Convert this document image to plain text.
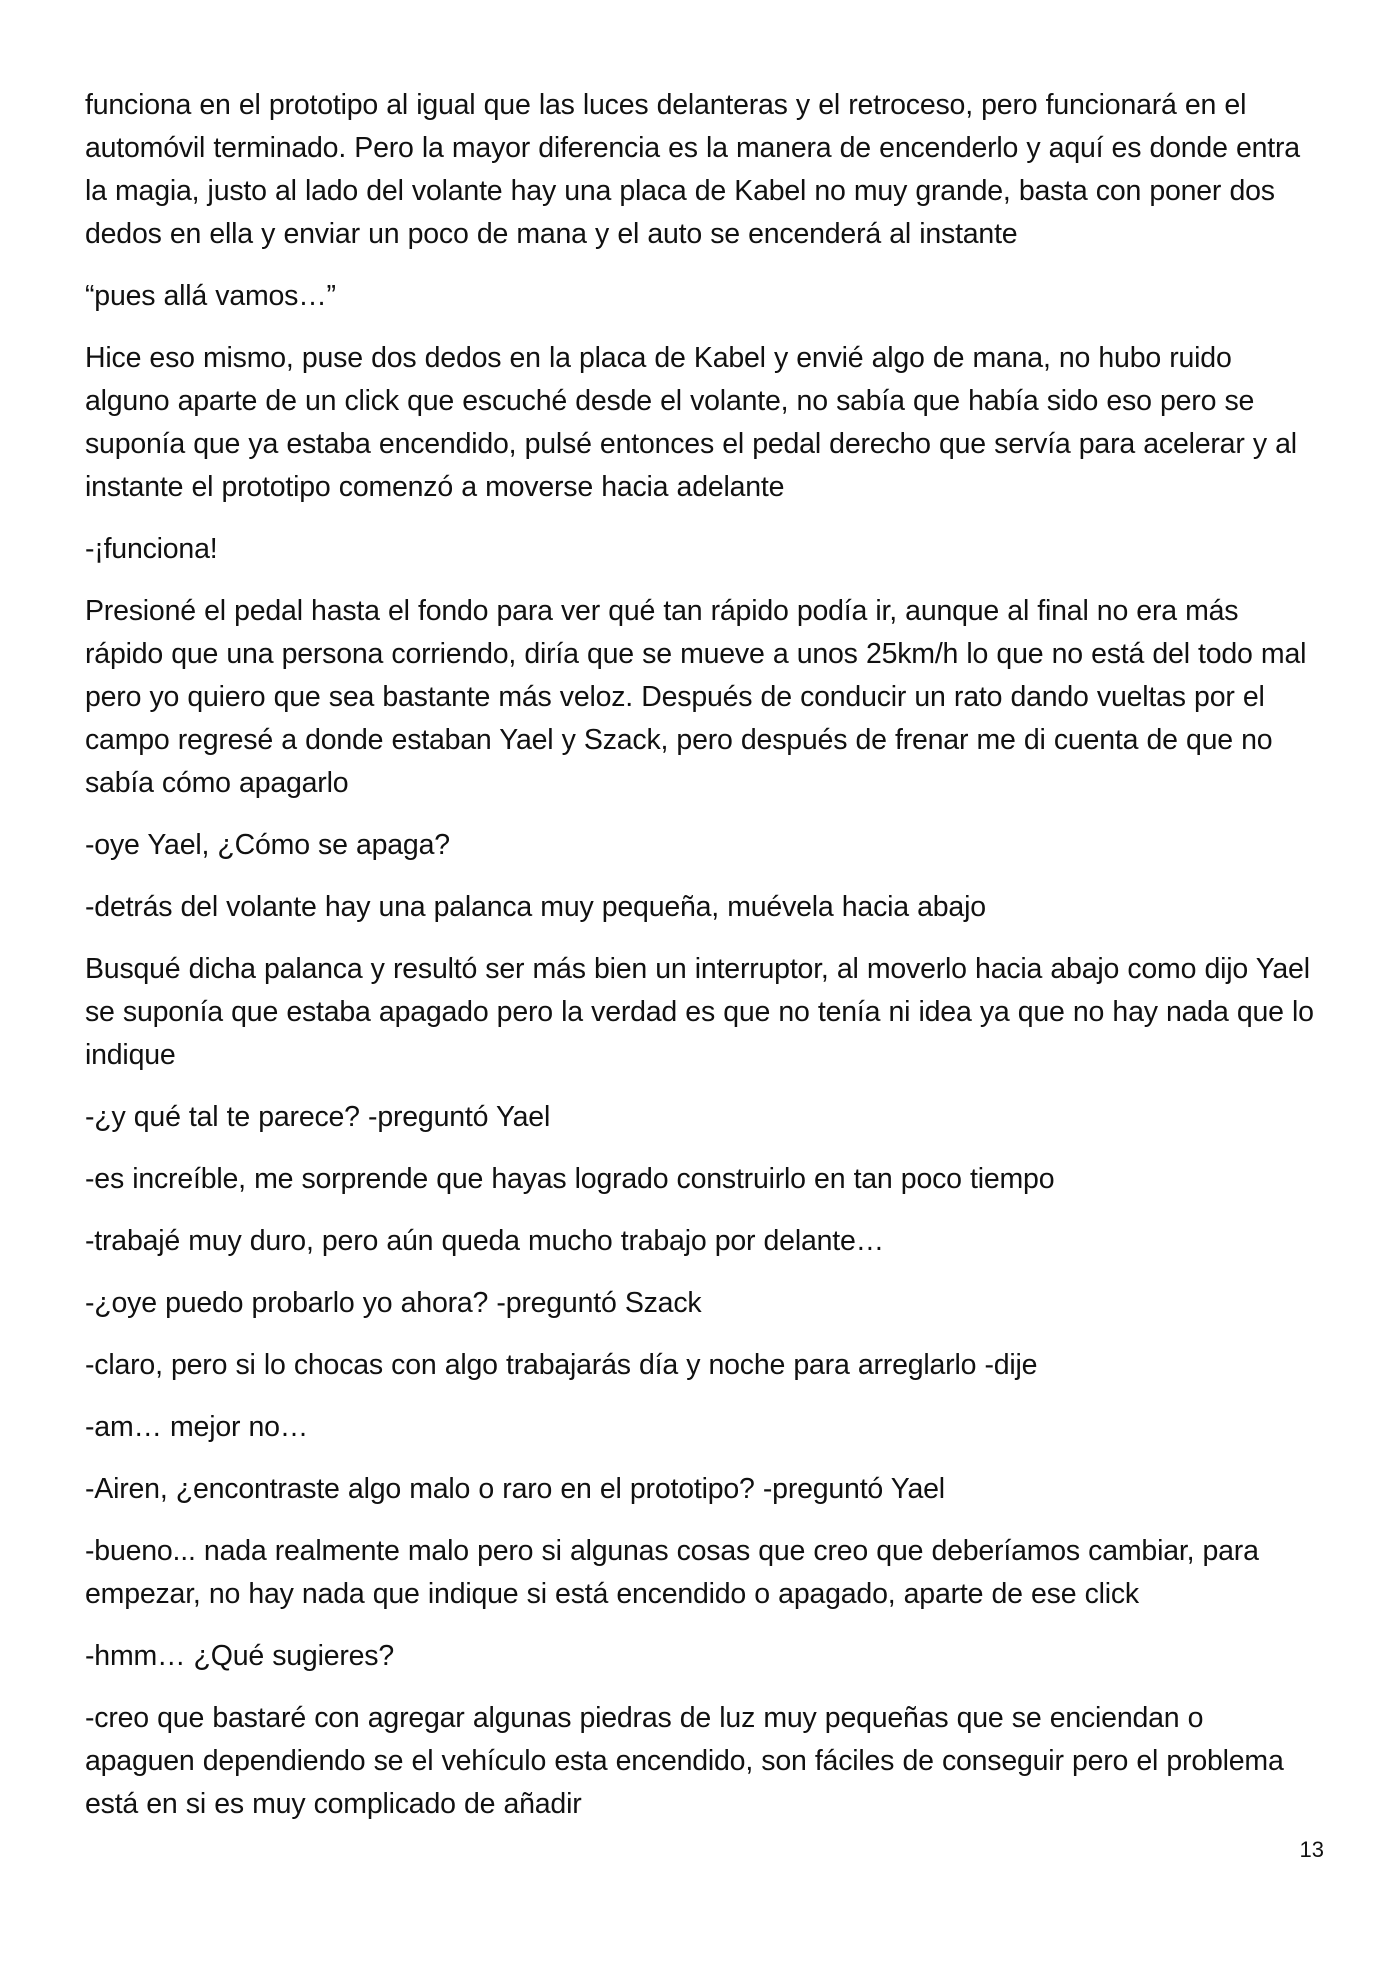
funciona en el prototipo al igual que las luces delanteras y el retroceso, pero funcionará en el automóvil terminado. Pero la mayor diferencia es la manera de encenderlo y aquí es donde entra la magia, justo al lado del volante hay una placa de Kabel no muy grande, basta con poner dos dedos en ella y enviar un poco de mana y el auto se encenderá al instante

“pues allá vamos…”

Hice eso mismo, puse dos dedos en la placa de Kabel y envié algo de mana, no hubo ruido alguno aparte de un click que escuché desde el volante, no sabía que había sido eso pero se suponía que ya estaba encendido, pulsé entonces el pedal derecho que servía para acelerar y al instante el prototipo comenzó a moverse hacia adelante

-¡funciona!

Presioné el pedal hasta el fondo para ver qué tan rápido podía ir, aunque al final no era más rápido que una persona corriendo, diría que se mueve a unos 25km/h lo que no está del todo mal pero yo quiero que sea bastante más veloz. Después de conducir un rato dando vueltas por el campo regresé a donde estaban Yael y Szack, pero después de frenar me di cuenta de que no sabía cómo apagarlo

-oye Yael, ¿Cómo se apaga?

-detrás del volante hay una palanca muy pequeña, muévela hacia abajo

Busqué dicha palanca y resultó ser más bien un interruptor, al moverlo hacia abajo como dijo Yael se suponía que estaba apagado pero la verdad es que no tenía ni idea ya que no hay nada que lo indique

-¿y qué tal te parece? -preguntó Yael

-es increíble, me sorprende que hayas logrado construirlo en tan poco tiempo

-trabajé muy duro, pero aún queda mucho trabajo por delante…

-¿oye puedo probarlo yo ahora? -preguntó Szack

-claro, pero si lo chocas con algo trabajarás día y noche para arreglarlo -dije

-am… mejor no…

-Airen, ¿encontraste algo malo o raro en el prototipo? -preguntó Yael

-bueno... nada realmente malo pero si algunas cosas que creo que deberíamos cambiar, para empezar, no hay nada que indique si está encendido o apagado, aparte de ese click

-hmm… ¿Qué sugieres?

-creo que bastaré con agregar algunas piedras de luz muy pequeñas que se enciendan o apaguen dependiendo se el vehículo esta encendido, son fáciles de conseguir pero el problema está en si es muy complicado de añadir

13
